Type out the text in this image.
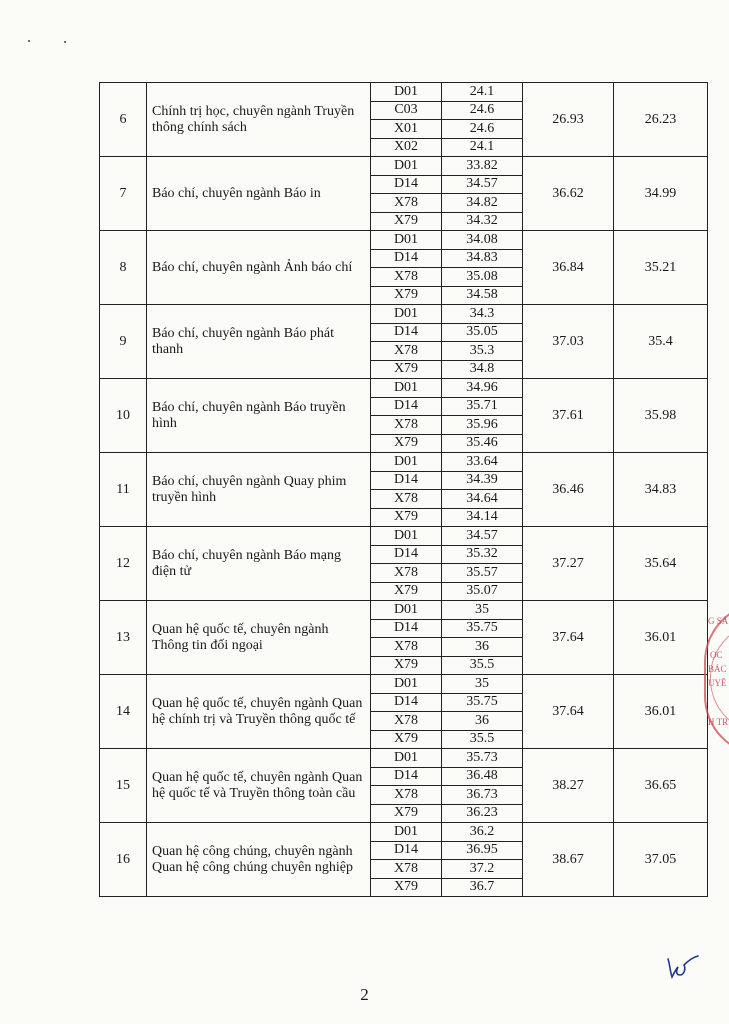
6	Chính trị học, chuyên ngành Truyền thông chính sách	D01	24.1	26.93	26.23
		C03	24.6		
		X01	24.6		
		X02	24.1		
7	Báo chí, chuyên ngành Báo in	D01	33.82	36.62	34.99
		D14	34.57		
		X78	34.82		
		X79	34.32		
8	Báo chí, chuyên ngành Ảnh báo chí	D01	34.08	36.84	35.21
		D14	34.83		
		X78	35.08		
		X79	34.58		
9	Báo chí, chuyên ngành Báo phát thanh	D01	34.3	37.03	35.4
		D14	35.05		
		X78	35.3		
		X79	34.8		
10	Báo chí, chuyên ngành Báo truyền hình	D01	34.96	37.61	35.98
		D14	35.71		
		X78	35.96		
		X79	35.46		
11	Báo chí, chuyên ngành Quay phim truyền hình	D01	33.64	36.46	34.83
		D14	34.39		
		X78	34.64		
		X79	34.14		
12	Báo chí, chuyên ngành Báo mạng điện tử	D01	34.57	37.27	35.64
		D14	35.32		
		X78	35.57		
		X79	35.07		
13	Quan hệ quốc tế, chuyên ngành Thông tin đối ngoại	D01	35	37.64	36.01
		D14	35.75		
		X78	36		
		X79	35.5		
14	Quan hệ quốc tế, chuyên ngành Quan hệ chính trị và Truyền thông quốc tế	D01	35	37.64	36.01
		D14	35.75		
		X78	36		
		X79	35.5		
15	Quan hệ quốc tế, chuyên ngành Quan hệ quốc tế và Truyền thông toàn cầu	D01	35.73	38.27	36.65
		D14	36.48		
		X78	36.73		
		X79	36.23		
16	Quan hệ công chúng, chuyên ngành Quan hệ công chúng chuyên nghiệp	D01	36.2	38.67	37.05
		D14	36.95		
		X78	37.2		
		X79	36.7		
G SẢ
ỌC
BÁC
UYỀ
H TR
2
